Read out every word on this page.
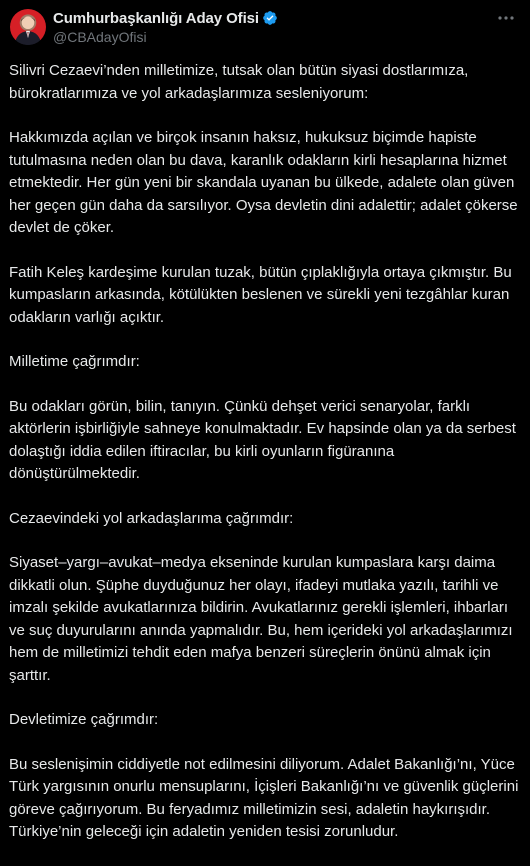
Cumhurbaşkanlığı Aday Ofisi
@CBAdayOfisi

Silivri Cezaevi’nden milletimize, tutsak olan bütün siyasi dostlarımıza, bürokratlarımıza ve yol arkadaşlarımıza sesleniyorum:

Hakkımızda açılan ve birçok insanın haksız, hukuksuz biçimde hapiste tutulmasına neden olan bu dava, karanlık odakların kirli hesaplarına hizmet etmektedir. Her gün yeni bir skandala uyanan bu ülkede, adalete olan güven her geçen gün daha da sarsılıyor. Oysa devletin dini adalettir; adalet çökerse devlet de çöker.

Fatih Keleş kardeşime kurulan tuzak, bütün çıplaklığıyla ortaya çıkmıştır. Bu kumpasların arkasında, kötülükten beslenen ve sürekli yeni tezgâhlar kuran odakların varlığı açıktır.

Milletime çağrımdır:

Bu odakları görün, bilin, tanıyın. Çünkü dehşet verici senaryolar, farklı aktörlerin işbirliğiyle sahneye konulmaktadır. Ev hapsinde olan ya da serbest dolaştığı iddia edilen iftiracılar, bu kirli oyunların figüranına dönüştürülmektedir.

Cezaevindeki yol arkadaşlarıma çağrımdır:

Siyaset–yargı–avukat–medya ekseninde kurulan kumpaslara karşı daima dikkatli olun. Şüphe duyduğunuz her olayı, ifadeyi mutlaka yazılı, tarihli ve imzalı şekilde avukatlarınıza bildirin. Avukatlarınız gerekli işlemleri, ihbarları ve suç duyurularını anında yapmalıdır. Bu, hem içerideki yol arkadaşlarımızı hem de milletimizi tehdit eden mafya benzeri süreçlerin önünü almak için şarttır.

Devletimize çağrımdır:

Bu seslenişimin ciddiyetle not edilmesini diliyorum. Adalet Bakanlığı’nı, Yüce Türk yargısının onurlu mensuplarını, İçişleri Bakanlığı’nı ve güvenlik güçlerini göreve çağırıyorum. Bu feryadımız milletimizin sesi, adaletin haykırışıdır. Türkiye’nin geleceği için adaletin yeniden tesisi zorunludur.
